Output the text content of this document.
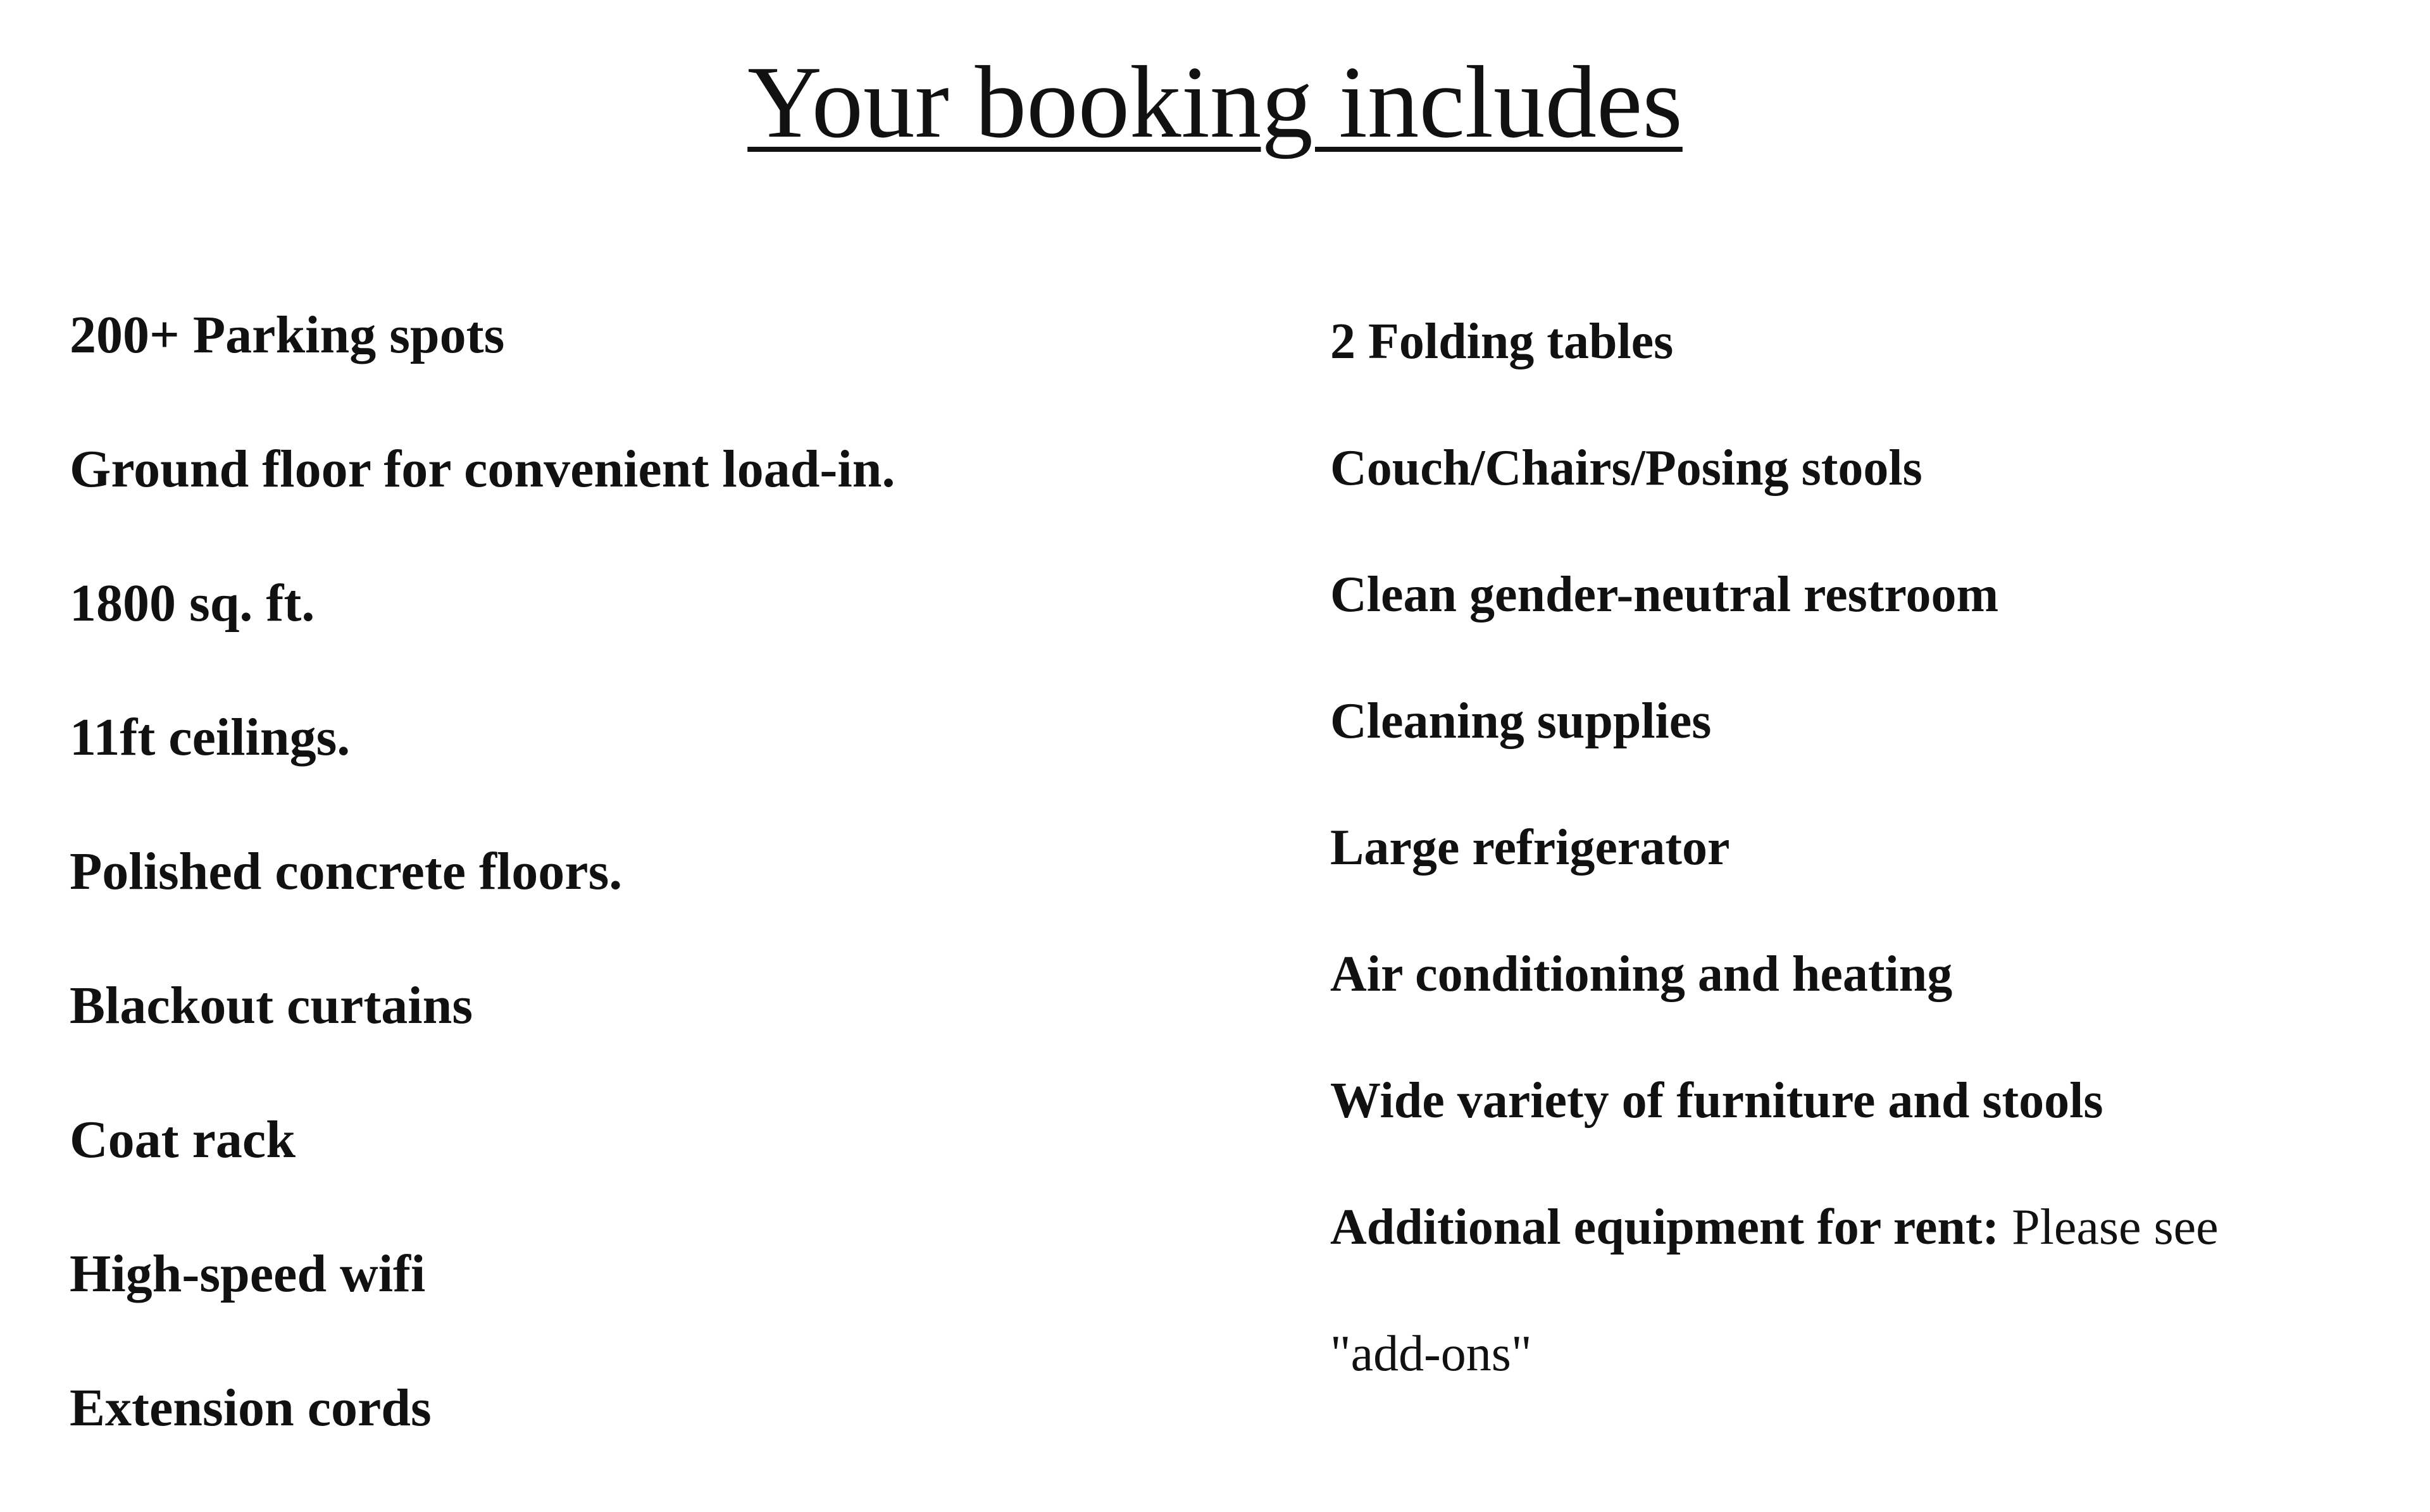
Your booking includes
200+ Parking spots
Ground floor for convenient load-in.
1800 sq. ft.
11ft ceilings.
Polished concrete floors.
Blackout curtains
Coat rack
High-speed wifi
Extension cords
2 Folding tables
Couch/Chairs/Posing stools
Clean gender-neutral restroom
Cleaning supplies
Large refrigerator
Air conditioning and heating
Wide variety of furniture and stools
Additional equipment for rent: Please see
"add-ons"
